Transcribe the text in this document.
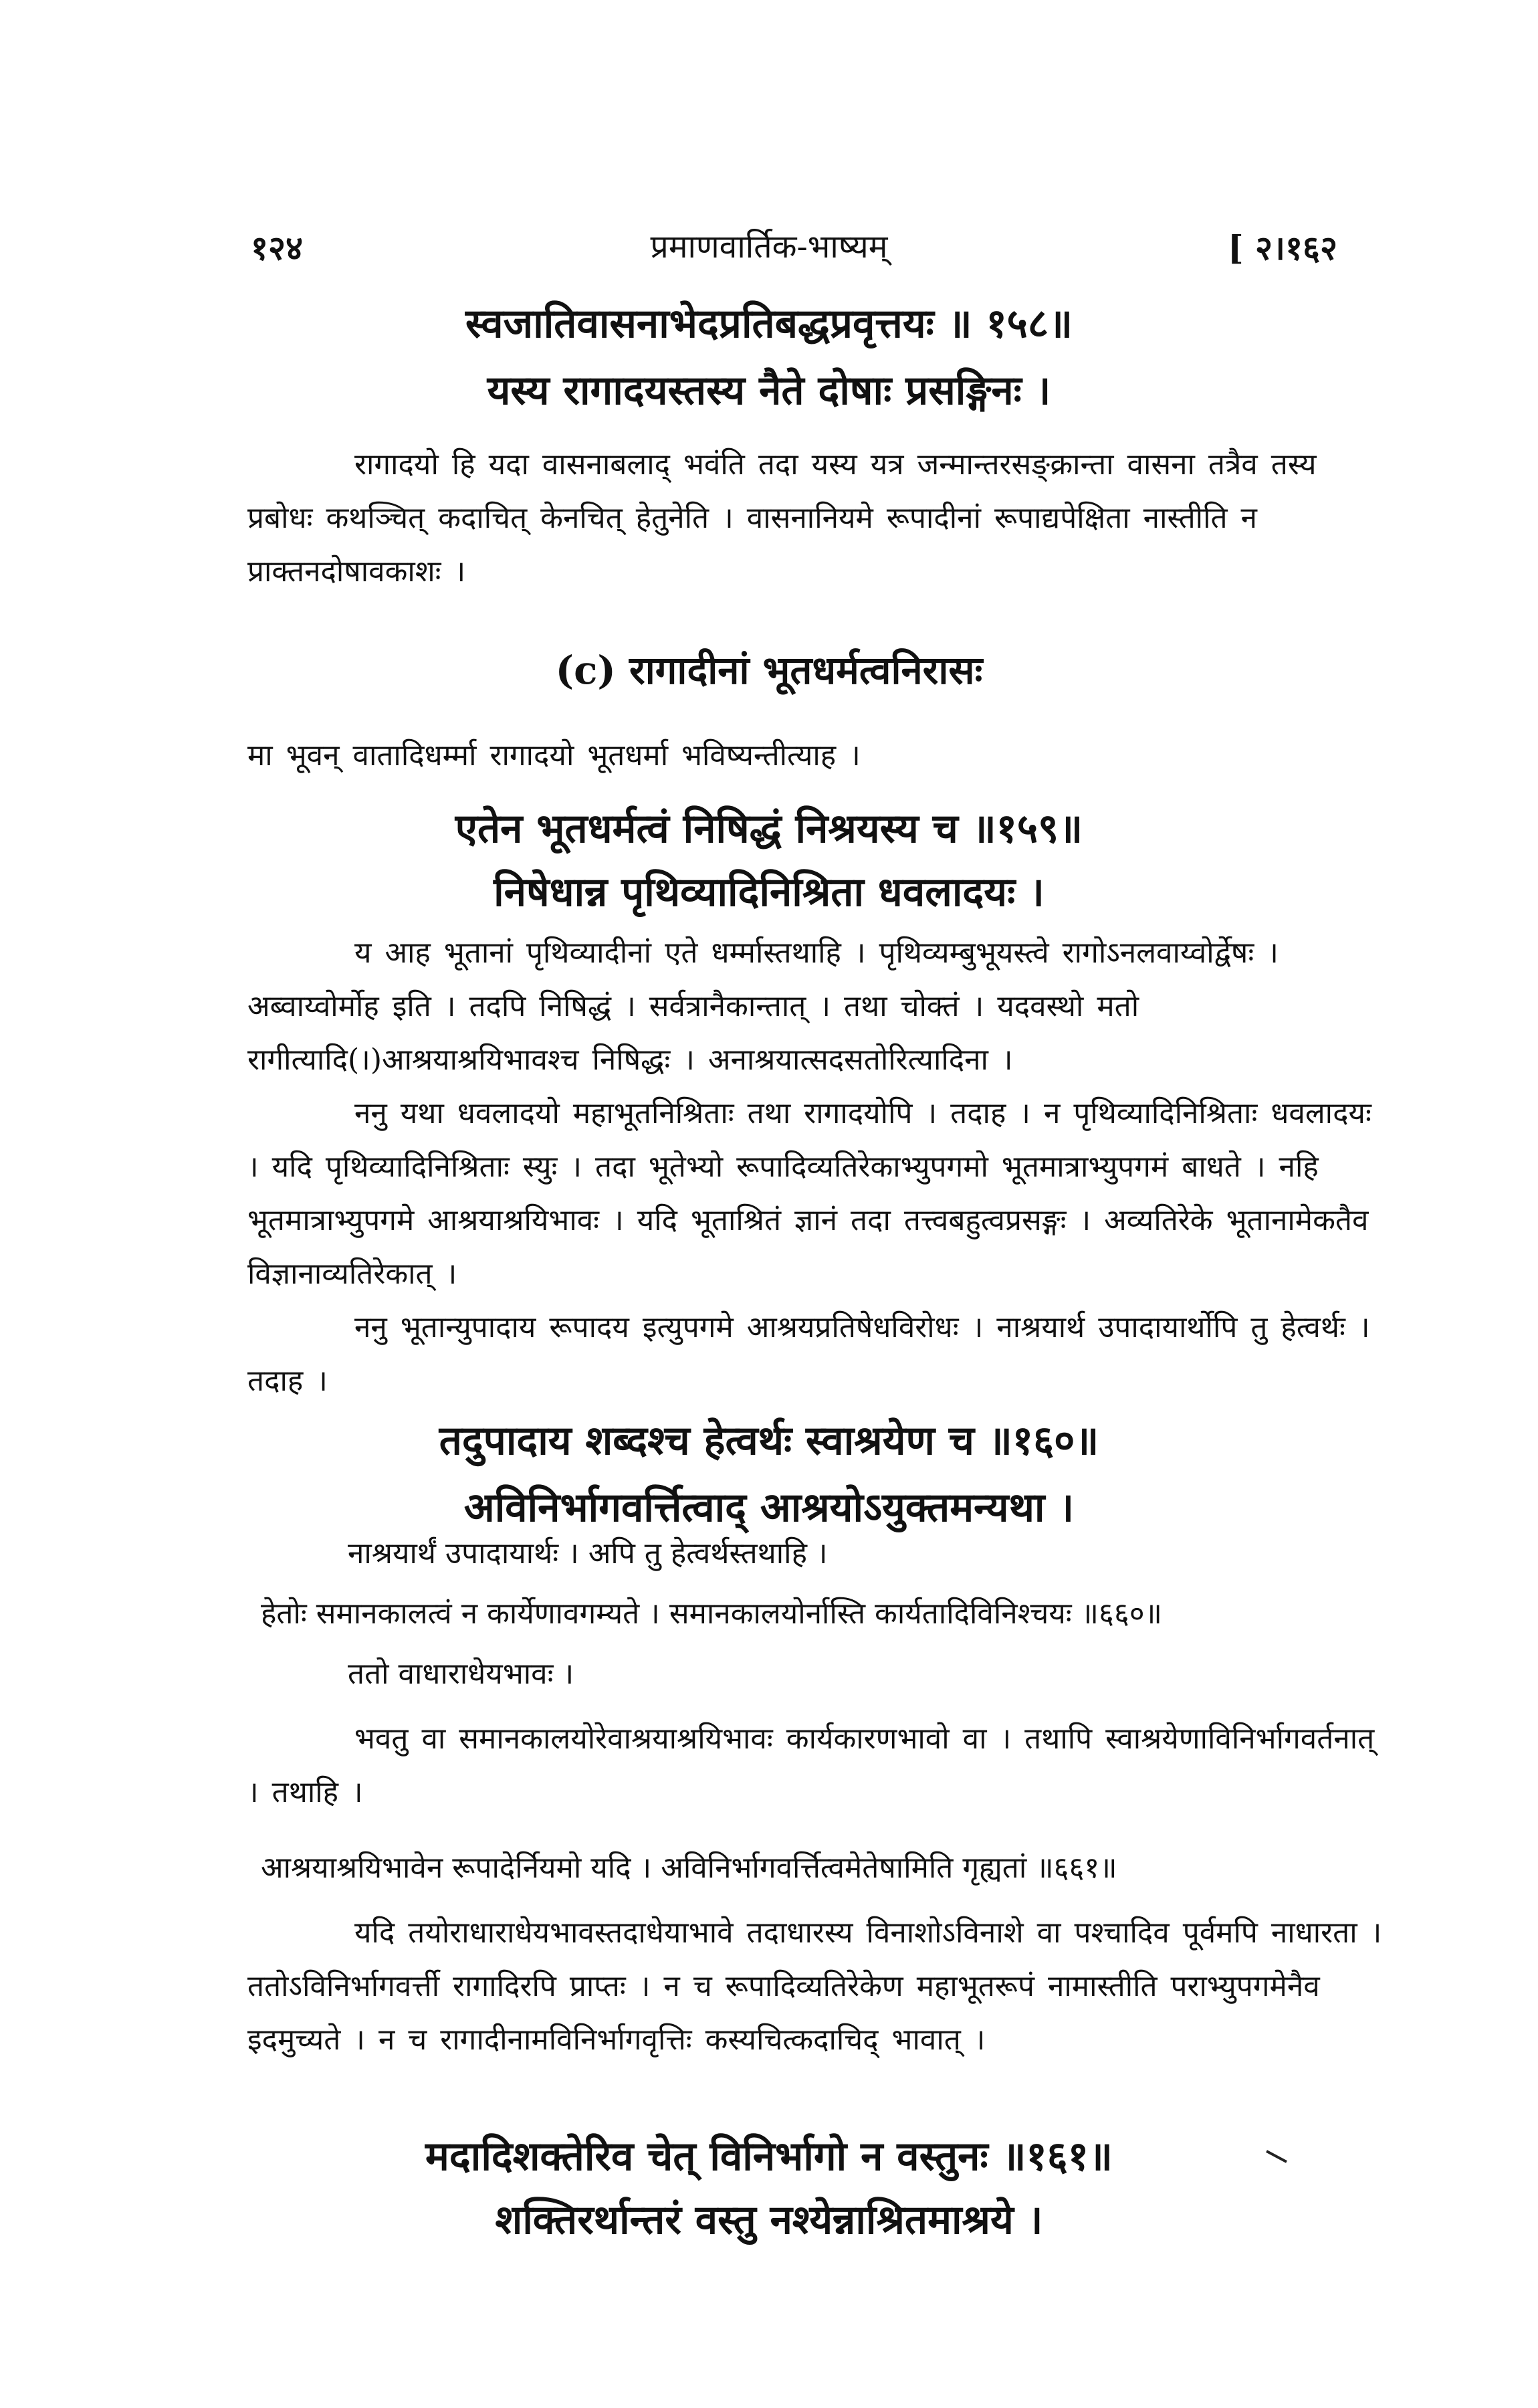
१२४	प्रमाणवार्तिक-भाष्यम्	[ २।१६२
स्वजातिवासनाभेदप्रतिबद्धप्रवृत्तयः ॥ १५८॥
यस्य रागादयस्तस्य नैते दोषाः प्रसङ्गिनः ।
रागादयो हि यदा वासनाबलाद् भवंति तदा यस्य यत्र जन्मान्तरसङ्क्रान्ता वासना तत्रैव तस्य प्रबोधः कथञ्चित् कदाचित् केनचित् हेतुनेति । वासनानियमे रूपादीनां रूपाद्यपेक्षिता नास्तीति न प्राक्तनदोषावकाशः ।
(c) रागादीनां भूतधर्मत्वनिरासः
मा भूवन् वातादिधर्म्मा रागादयो भूतधर्मा भविष्यन्तीत्याह ।
एतेन भूतधर्मत्वं निषिद्धं निश्रयस्य च ॥१५९॥
निषेधान्न पृथिव्यादिनिश्रिता धवलादयः ।
य आह भूतानां पृथिव्यादीनां एते धर्म्मास्तथाहि । पृथिव्यम्बुभूयस्त्वे रागोऽनलवाय्वोर्द्वेषः । अब्वाय्वोर्मोह इति । तदपि निषिद्धं । सर्वत्रानैकान्तात् । तथा चोक्तं । यदवस्थो मतो रागीत्यादि(।)आश्रयाश्रयिभावश्च निषिद्धः । अनाश्रयात्सदसतोरित्यादिना ।
ननु यथा धवलादयो महाभूतनिश्रिताः तथा रागादयोपि । तदाह । न पृथिव्यादिनिश्रिताः धवलादयः । यदि पृथिव्यादिनिश्रिताः स्युः । तदा भूतेभ्यो रूपादिव्यतिरेकाभ्युपगमो भूतमात्राभ्युपगमं बाधते । नहि भूतमात्राभ्युपगमे आश्रयाश्रयिभावः । यदि भूताश्रितं ज्ञानं तदा तत्त्वबहुत्वप्रसङ्गः । अव्यतिरेके भूतानामेकतैव विज्ञानाव्यतिरेकात् ।
ननु भूतान्युपादाय रूपादय इत्युपगमे आश्रयप्रतिषेधविरोधः । नाश्रयार्थ उपादायार्थोपि तु हेत्वर्थः । तदाह ।
तदुपादाय शब्दश्च हेत्वर्थः स्वाश्रयेण च ॥१६०॥
अविनिर्भागवर्त्तित्वाद् आश्रयोऽयुक्तमन्यथा ।
नाश्रयार्थं उपादायार्थः । अपि तु हेत्वर्थस्तथाहि ।
हेतोः समानकालत्वं न कार्येणावगम्यते । समानकालयोर्नास्ति कार्यतादिविनिश्चयः ॥६६०॥
ततो वाधाराधेयभावः ।
भवतु वा समानकालयोरेवाश्रयाश्रयिभावः कार्यकारणभावो वा । तथापि स्वाश्रयेणाविनिर्भागवर्तनात् । तथाहि ।
आश्रयाश्रयिभावेन रूपादेर्नियमो यदि । अविनिर्भागवर्त्तित्वमेतेषामिति गृह्यतां ॥६६१॥
यदि तयोराधाराधेयभावस्तदाधेयाभावे तदाधारस्य विनाशोऽविनाशे वा पश्चादिव पूर्वमपि नाधारता । ततोऽविनिर्भागवर्त्ती रागादिरपि प्राप्तः । न च रूपादिव्यतिरेकेण महाभूतरूपं नामास्तीति पराभ्युपगमेनैव इदमुच्यते । न च रागादीनामविनिर्भागवृत्तिः कस्यचित्कदाचिद् भावात् ।
मदादिशक्तेरिव चेत् विनिर्भागो न वस्तुनः ॥१६१॥
शक्तिरर्थान्तरं वस्तु नश्येन्नाश्रितमाश्रये ।
